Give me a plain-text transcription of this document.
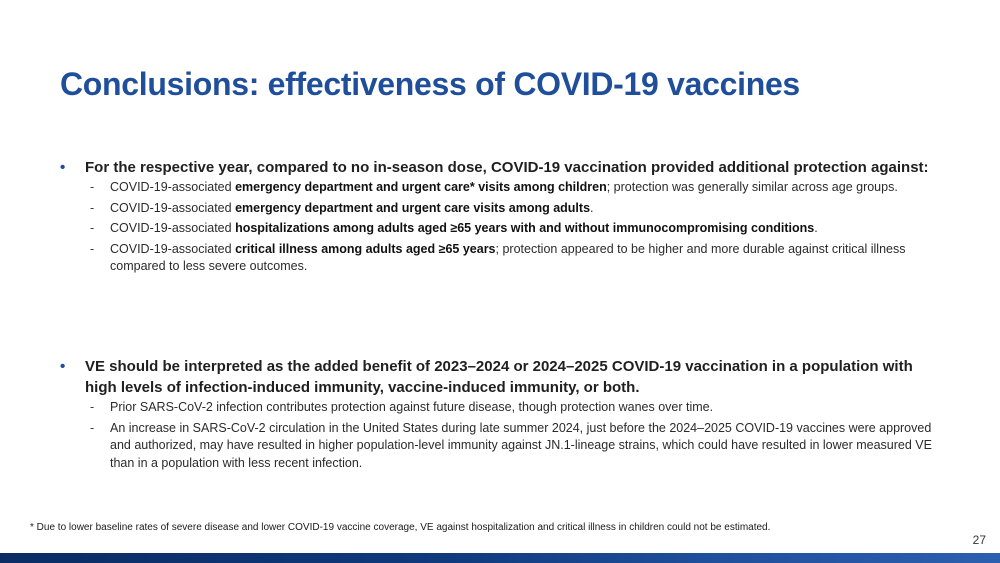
Conclusions: effectiveness of COVID-19 vaccines
•	For the respective year, compared to no in-season dose, COVID-19 vaccination provided additional protection against:
-	COVID-19-associated emergency department and urgent care* visits among children; protection was generally similar across age groups.
-	COVID-19-associated emergency department and urgent care visits among adults.
-	COVID-19-associated hospitalizations among adults aged ≥65 years with and without immunocompromising conditions.
-	COVID-19-associated critical illness among adults aged ≥65 years; protection appeared to be higher and more durable against critical illness compared to less severe outcomes.
•	VE should be interpreted as the added benefit of 2023–2024 or 2024–2025 COVID-19 vaccination in a population with high levels of infection-induced immunity, vaccine-induced immunity, or both.
-	Prior SARS-CoV-2 infection contributes protection against future disease, though protection wanes over time.
-	An increase in SARS-CoV-2 circulation in the United States during late summer 2024, just before the 2024–2025 COVID-19 vaccines were approved and authorized, may have resulted in higher population-level immunity against JN.1-lineage strains, which could have resulted in lower measured VE than in a population with less recent infection.
* Due to lower baseline rates of severe disease and lower COVID-19 vaccine coverage, VE against hospitalization and critical illness in children could not be estimated.
27
